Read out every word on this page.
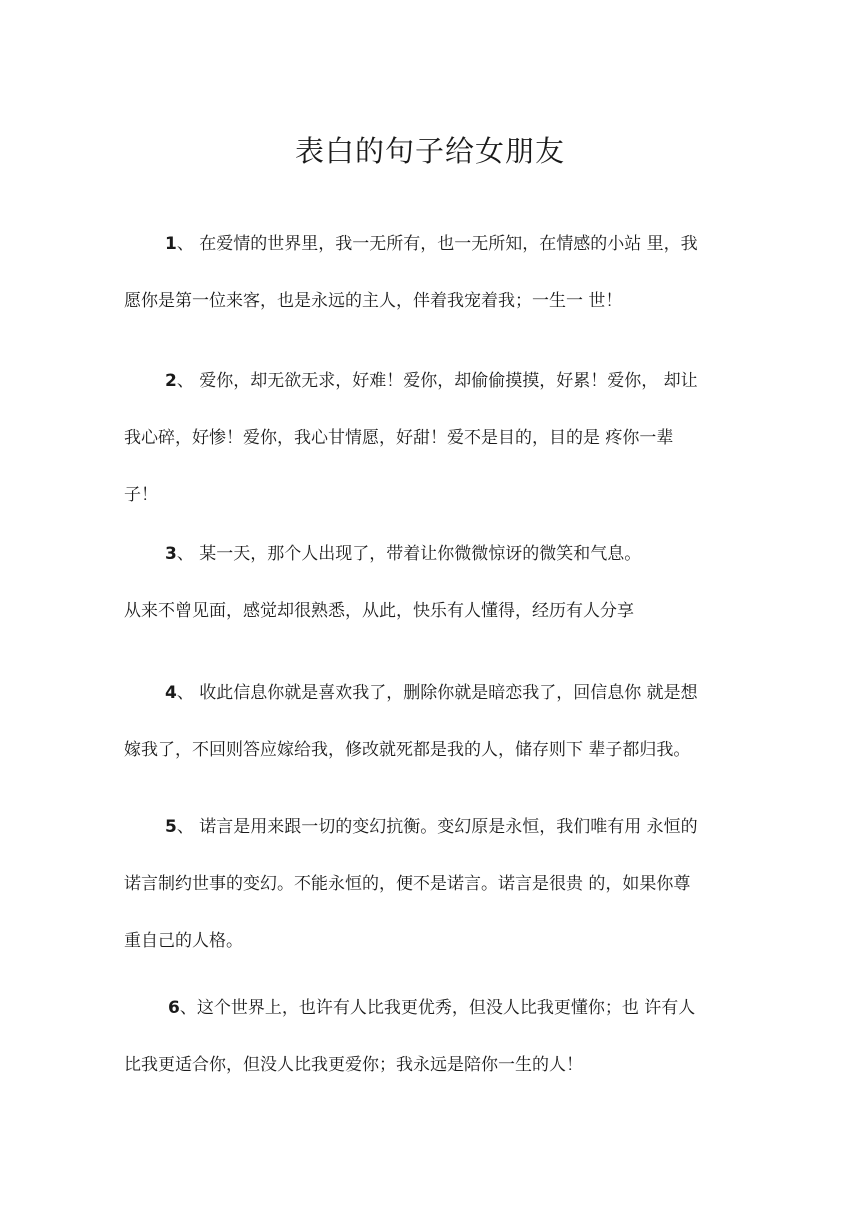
表白的句子给女朋友

1、 在爱情的世界里，我一无所有，也一无所知，在情感的小站 里，我
愿你是第一位来客，也是永远的主人，伴着我宠着我；一生一 世！

2、 爱你，却无欲无求，好难！爱你，却偷偷摸摸，好累！爱你， 却让
我心碎，好惨！爱你，我心甘情愿，好甜！爱不是目的，目的是 疼你一辈
子！

3、 某一天，那个人出现了，带着让你微微惊讶的微笑和气息。
从来不曾见面，感觉却很熟悉，从此，快乐有人懂得，经历有人分享

4、 收此信息你就是喜欢我了，删除你就是暗恋我了，回信息你 就是想
嫁我了，不回则答应嫁给我，修改就死都是我的人，储存则下 辈子都归我。

5、 诺言是用来跟一切的变幻抗衡。变幻原是永恒，我们唯有用 永恒的
诺言制约世事的变幻。不能永恒的，便不是诺言。诺言是很贵 的，如果你尊
重自己的人格。

6、这个世界上，也许有人比我更优秀，但没人比我更懂你；也 许有人
比我更适合你，但没人比我更爱你；我永远是陪你一生的人！
